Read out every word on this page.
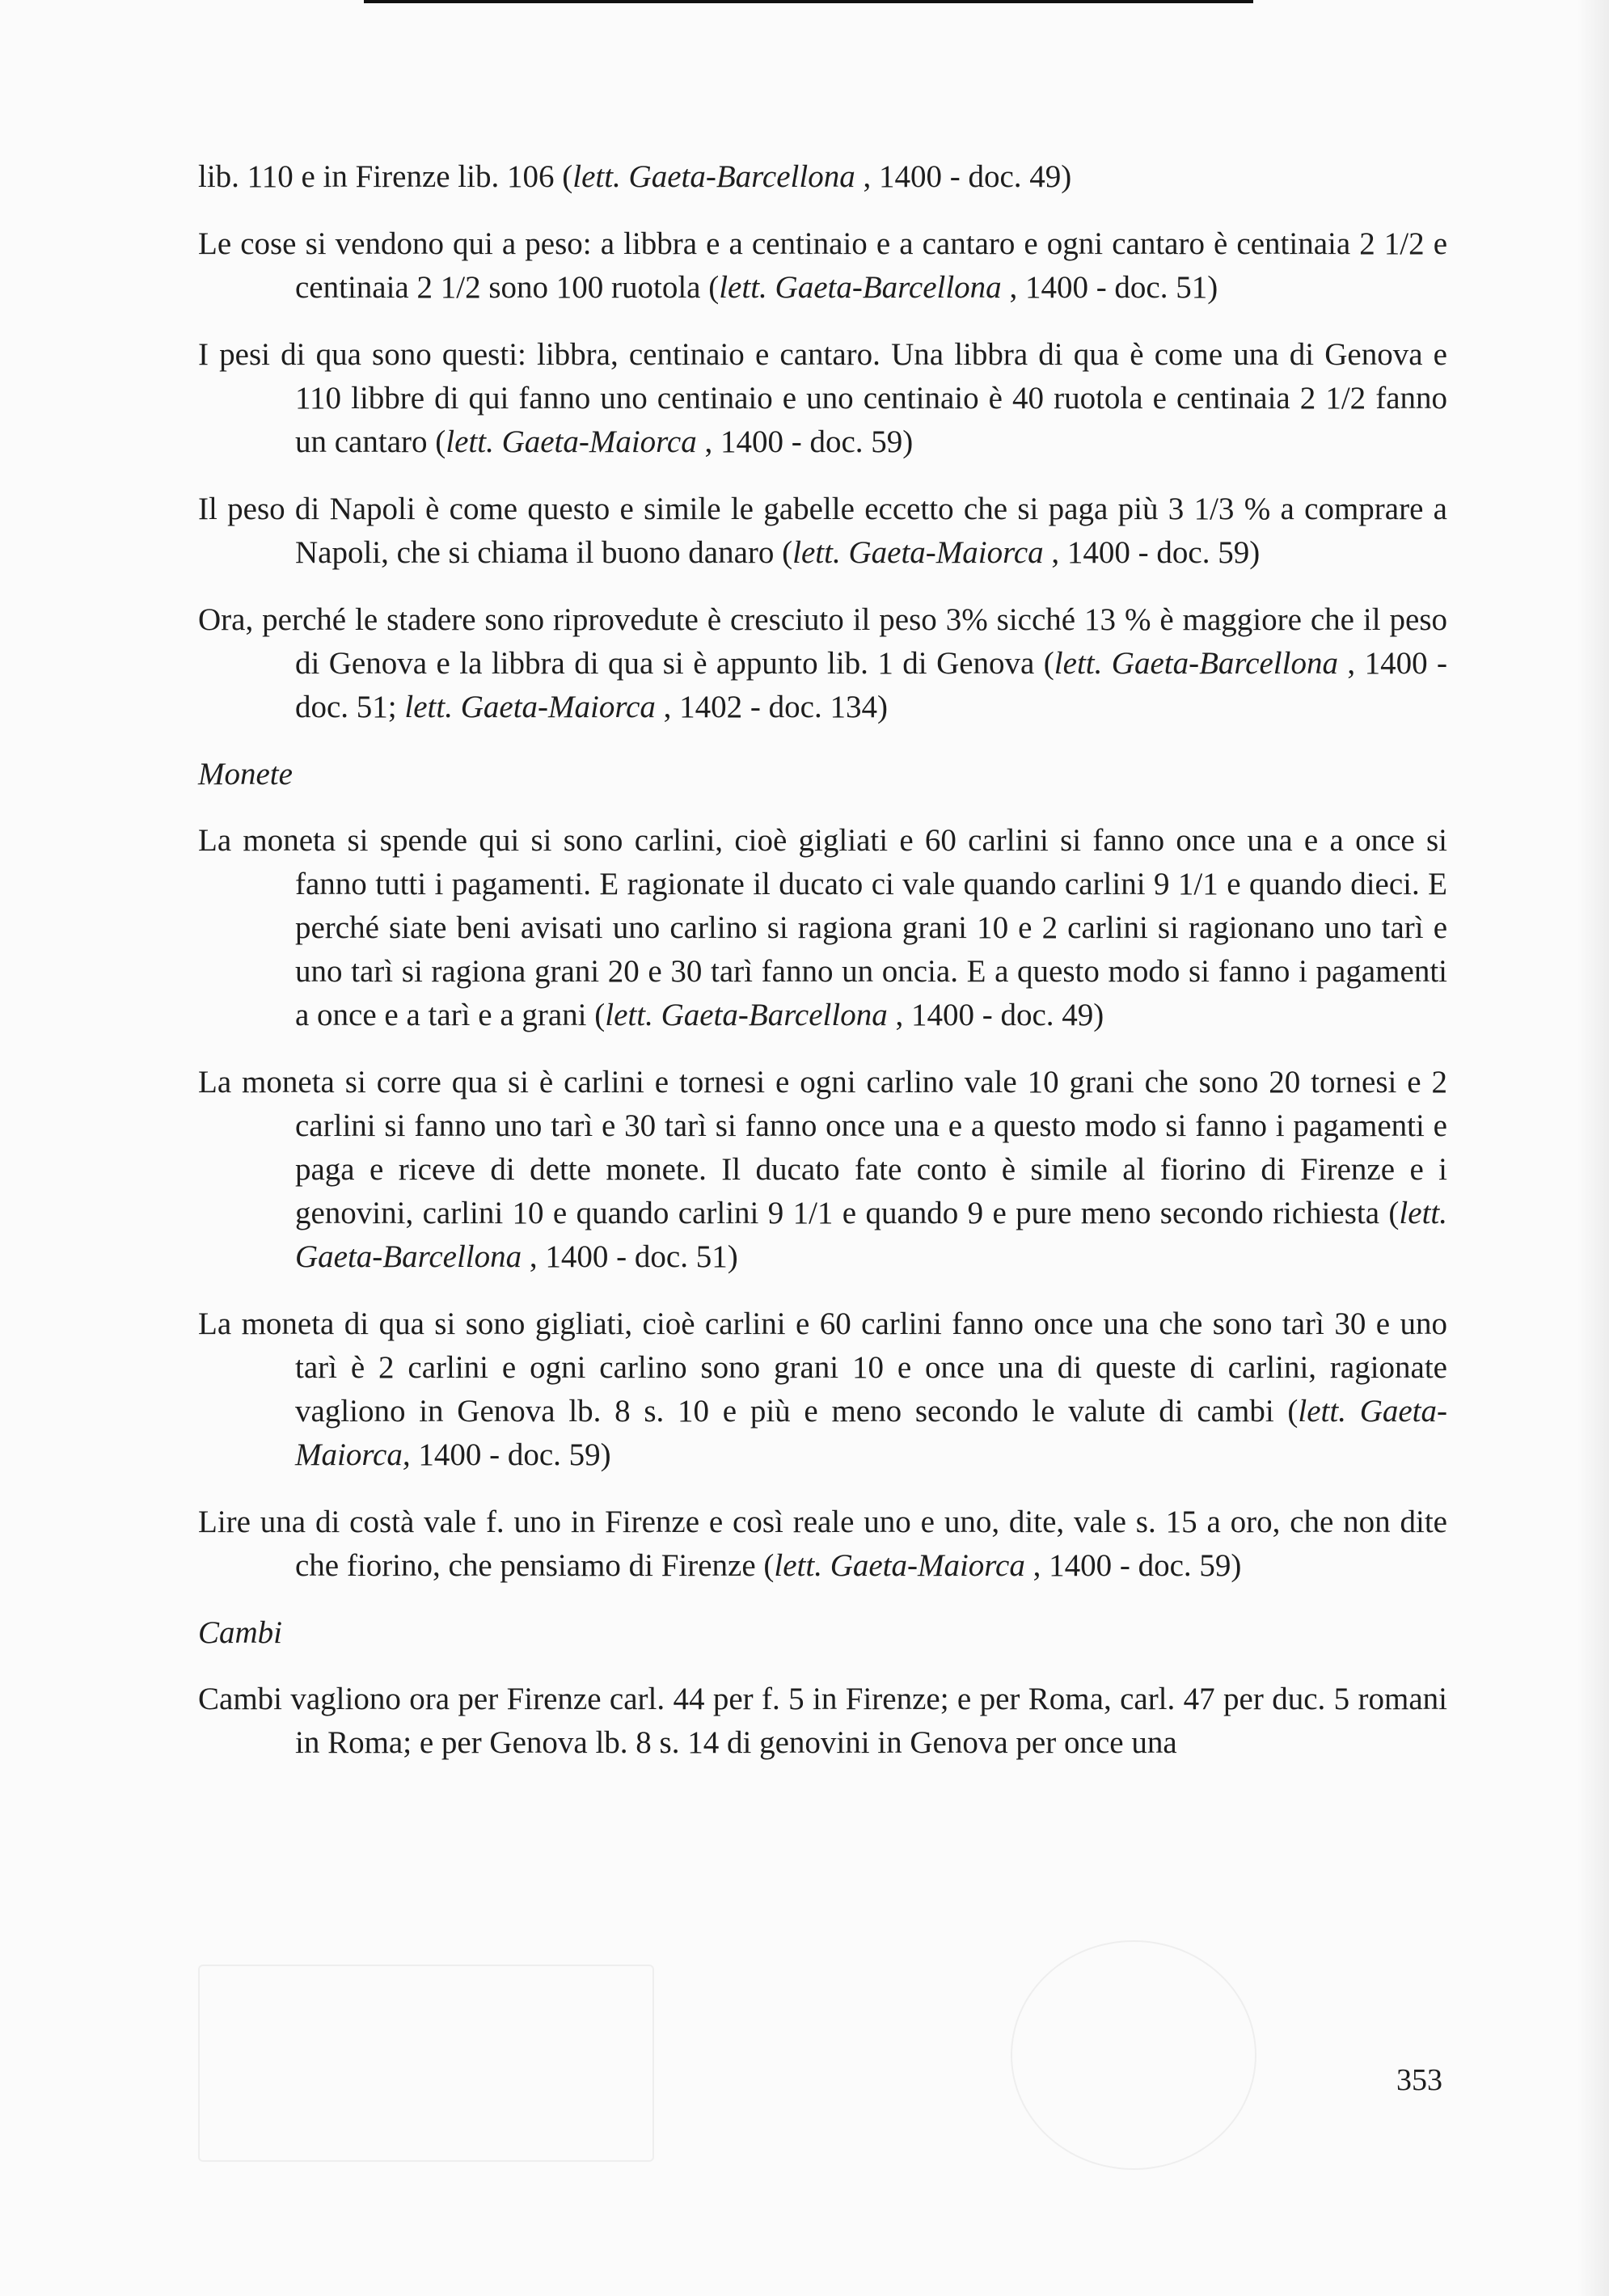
lib. 110 e in Firenze lib. 106 (lett. Gaeta-Barcellona , 1400 - doc. 49)

Le cose si vendono qui a peso: a libbra e a centinaio e a cantaro e ogni cantaro è centinaia 2 1/2 e centinaia 2 1/2 sono 100 ruotola (lett. Gaeta-Barcellona , 1400 - doc. 51)

I pesi di qua sono questi: libbra, centinaio e cantaro. Una libbra di qua è come una di Genova e 110 libbre di qui fanno uno centinaio e uno centinaio è 40 ruotola e centinaia 2 1/2 fanno un cantaro (lett. Gaeta-Maiorca , 1400 - doc. 59)

Il peso di Napoli è come questo e simile le gabelle eccetto che si paga più 3 1/3 % a comprare a Napoli, che si chiama il buono danaro (lett. Gaeta-Maiorca , 1400 - doc. 59)

Ora, perché le stadere sono riprovedute è cresciuto il peso 3% sicché 13 % è maggiore che il peso di Genova e la libbra di qua si è appunto lib. 1 di Genova (lett. Gaeta-Barcellona , 1400 - doc. 51; lett. Gaeta-Maiorca , 1402 - doc. 134)

Monete

La moneta si spende qui si sono carlini, cioè gigliati e 60 carlini si fanno once una e a once si fanno tutti i pagamenti. E ragionate il ducato ci vale quando carlini 9 1/1 e quando dieci. E perché siate beni avisati uno carlino si ragiona grani 10 e 2 carlini si ragionano uno tarì e uno tarì si ragiona grani 20 e 30 tarì fanno un oncia. E a questo modo si fanno i pagamenti a once e a tarì e a grani (lett. Gaeta-Barcellona , 1400 - doc. 49)

La moneta si corre qua si è carlini e tornesi e ogni carlino vale 10 grani che sono 20 tornesi e 2 carlini si fanno uno tarì e 30 tarì si fanno once una e a questo modo si fanno i pagamenti e paga e riceve di dette monete. Il ducato fate conto è simile al fiorino di Firenze e i genovini, carlini 10 e quando carlini 9 1/1 e quando 9 e pure meno secondo richiesta (lett. Gaeta-Barcellona , 1400 - doc. 51)

La moneta di qua si sono gigliati, cioè carlini e 60 carlini fanno once una che sono tarì 30 e uno tarì è 2 carlini e ogni carlino sono grani 10 e once una di queste di carlini, ragionate vagliono in Genova lb. 8 s. 10 e più e meno secondo le valute di cambi (lett. Gaeta-Maiorca, 1400 - doc. 59)

Lire una di costà vale f. uno in Firenze e così reale uno e uno, dite, vale s. 15 a oro, che non dite che fiorino, che pensiamo di Firenze (lett. Gaeta-Maiorca , 1400 - doc. 59)

Cambi

Cambi vagliono ora per Firenze carl. 44 per f. 5 in Firenze; e per Roma, carl. 47 per duc. 5 romani in Roma; e per Genova lb. 8 s. 14 di genovini in Genova per once una

353
